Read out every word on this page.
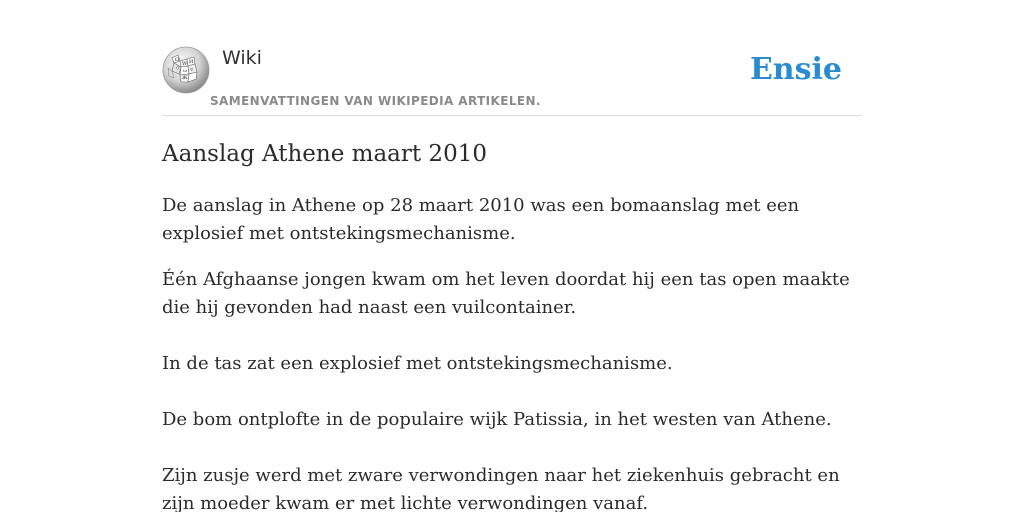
Ω
W И
ウ ω ব
Ж
Wiki
SAMENVATTINGEN VAN WIKIPEDIA ARTIKELEN.
Ensie
Aanslag Athene maart 2010

De aanslag in Athene op 28 maart 2010 was een bomaanslag met een explosief met ontstekingsmechanisme.

Één Afghaanse jongen kwam om het leven doordat hij een tas open maakte die hij gevonden had naast een vuilcontainer.

In de tas zat een explosief met ontstekingsmechanisme.

De bom ontplofte in de populaire wijk Patissia, in het westen van Athene.

Zijn zusje werd met zware verwondingen naar het ziekenhuis gebracht en zijn moeder kwam er met lichte verwondingen vanaf.
